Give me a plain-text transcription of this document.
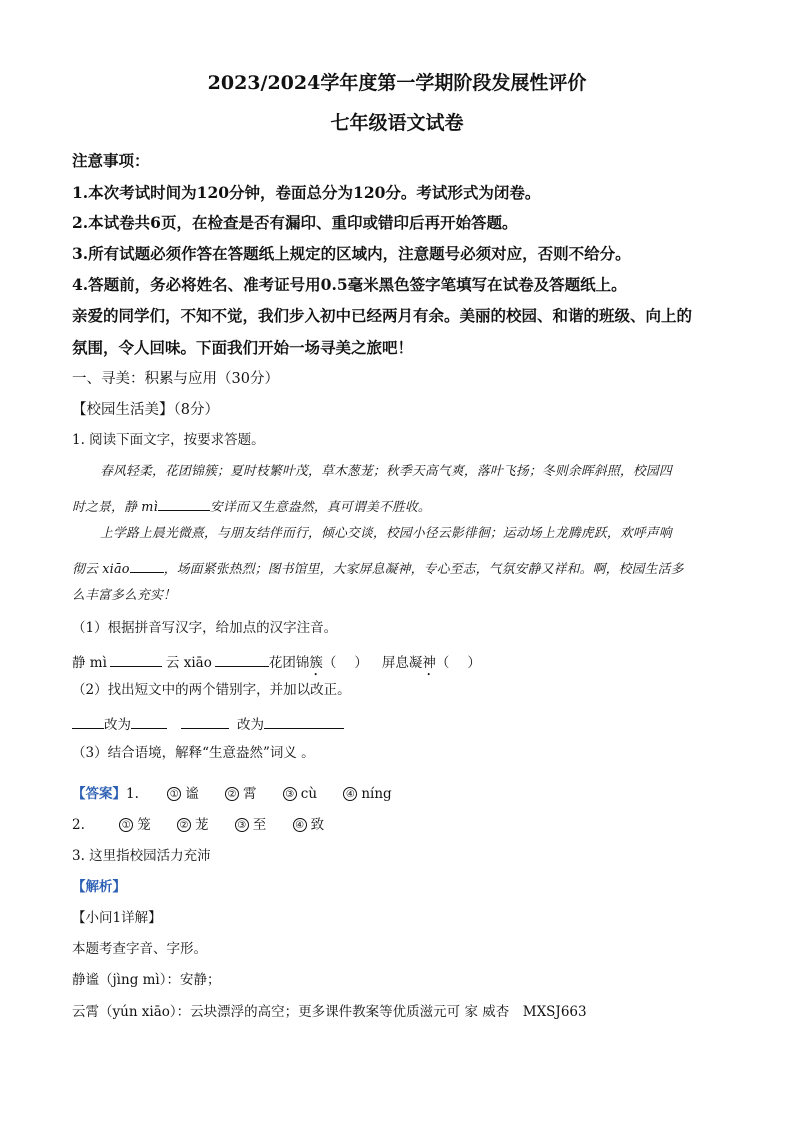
2023/2024学年度第一学期阶段发展性评价
七年级语文试卷
注意事项：
1.本次考试时间为120分钟，卷面总分为120分。考试形式为闭卷。
2.本试卷共6页，在检查是否有漏印、重印或错印后再开始答题。
3.所有试题必须作答在答题纸上规定的区域内，注意题号必须对应，否则不给分。
4.答题前，务必将姓名、准考证号用0.5毫米黑色签字笔填写在试卷及答题纸上。
亲爱的同学们，不知不觉，我们步入初中已经两月有余。美丽的校园、和谐的班级、向上的
氛围，令人回味。下面我们开始一场寻美之旅吧！
一、寻美：积累与应用（30分）
【校园生活美】（8分）
1. 阅读下面文字，按要求答题。
春风轻柔，花团锦簇；夏时枝繁叶茂，草木葱茏；秋季天高气爽，落叶飞扬；冬则余晖斜照，校园四
时之景，静 mì	安详而又生意盎然，真可谓美不胜收。
上学路上晨光微熹，与朋友结伴而行，倾心交谈，校园小径云影徘徊；运动场上龙腾虎跃，欢呼声响
彻云 xiāo	，场面紧张热烈；图书馆里，大家屏息凝神，专心至志，气氛安静又祥和。啊，校园生活多
么丰富多么充实！
（1）根据拼音写汉字，给加点的汉字注音。
静 mì	云 xiāo	花团锦簇（ ） 屏息凝神（ ）
（2）找出短文中的两个错别字，并加以改正。
改为	改为
（3）结合语境，解释“生意盎然”词义 。
【答案】1.	① 谧	② 霄	③ cù	④ níng
2.	① 笼	② 茏	③ 至	④ 致
3. 这里指校园活力充沛
【解析】
【小问1详解】
本题考查字音、字形。
静谧（jìng mì）：安静；
云霄（yún xiāo）：云块漂浮的高空；更多课件教案等优质滋元可 家 威杏　MXSJ663
